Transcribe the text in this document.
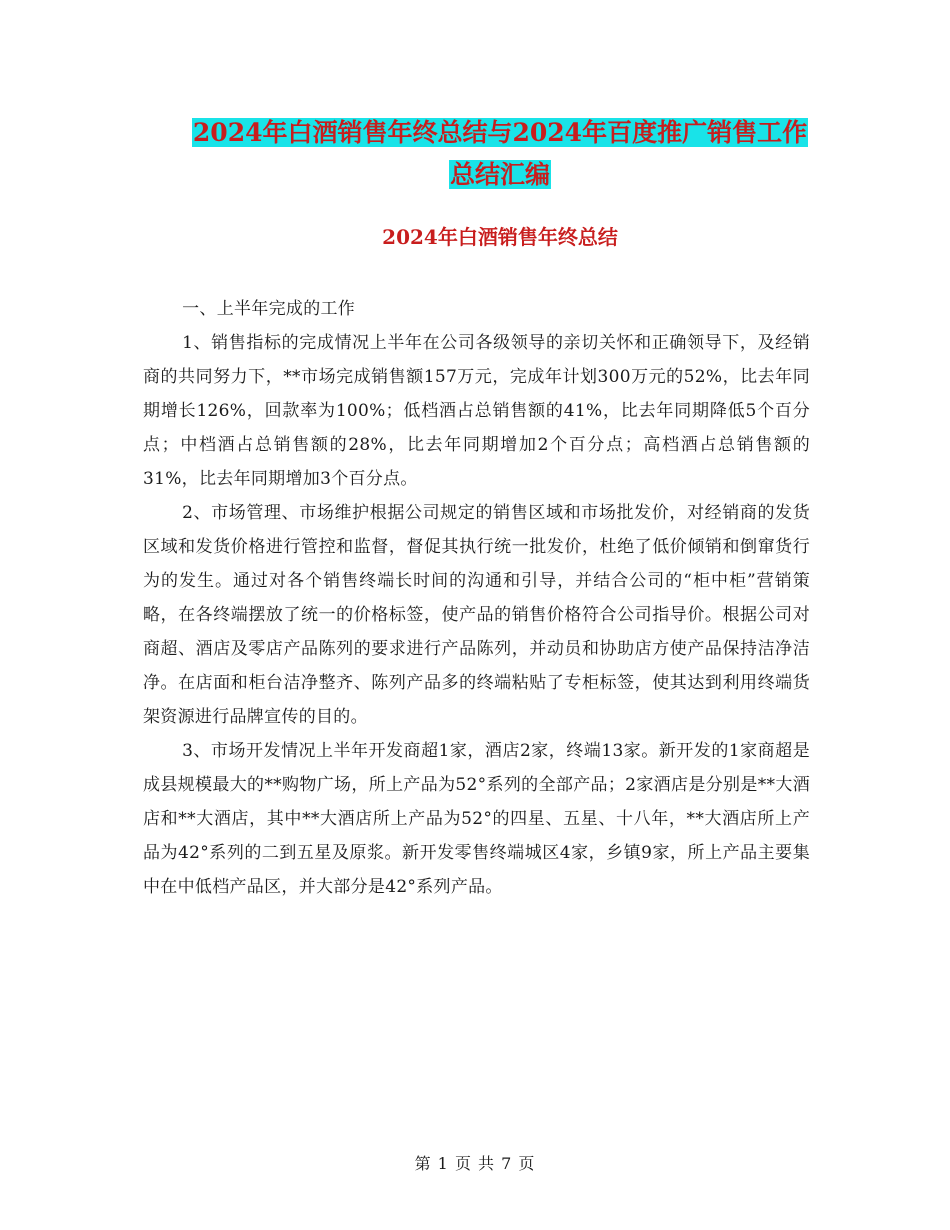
2024年白酒销售年终总结与2024年百度推广销售工作
总结汇编
2024年白酒销售年终总结

一、上半年完成的工作

1、销售指标的完成情况上半年在公司各级领导的亲切关怀和正确领导下，及经销商的共同努力下，**市场完成销售额157万元，完成年计划300万元的52%，比去年同期增长126%，回款率为100%；低档酒占总销售额的41%，比去年同期降低5个百分点；中档酒占总销售额的28%，比去年同期增加2个百分点；高档酒占总销售额的31%，比去年同期增加3个百分点。

2、市场管理、市场维护根据公司规定的销售区域和市场批发价，对经销商的发货区域和发货价格进行管控和监督，督促其执行统一批发价，杜绝了低价倾销和倒窜货行为的发生。通过对各个销售终端长时间的沟通和引导，并结合公司的“柜中柜”营销策略，在各终端摆放了统一的价格标签，使产品的销售价格符合公司指导价。根据公司对商超、酒店及零店产品陈列的要求进行产品陈列，并动员和协助店方使产品保持洁净洁净。在店面和柜台洁净整齐、陈列产品多的终端粘贴了专柜标签，使其达到利用终端货架资源进行品牌宣传的目的。

3、市场开发情况上半年开发商超1家，酒店2家，终端13家。新开发的1家商超是成县规模最大的**购物广场，所上产品为52°系列的全部产品；2家酒店是分别是**大酒店和**大酒店，其中**大酒店所上产品为52°的四星、五星、十八年，**大酒店所上产品为42°系列的二到五星及原浆。新开发零售终端城区4家，乡镇9家，所上产品主要集中在中低档产品区，并大部分是42°系列产品。

第 1 页 共 7 页
